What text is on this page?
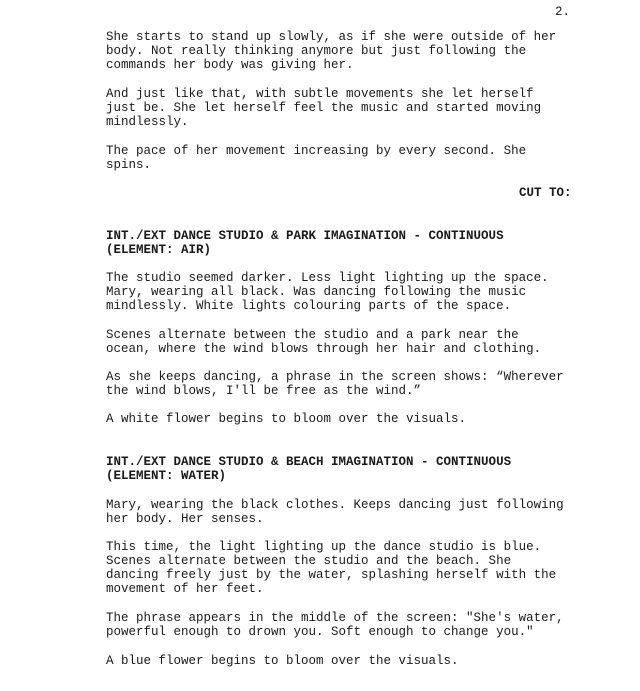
2.
She starts to stand up slowly, as if she were outside of her
body. Not really thinking anymore but just following the
commands her body was giving her.
And just like that, with subtle movements she let herself
just be. She let herself feel the music and started moving
mindlessly.
The pace of her movement increasing by every second. She
spins.
CUT TO:
INT./EXT DANCE STUDIO & PARK IMAGINATION - CONTINUOUS
(ELEMENT: AIR)
The studio seemed darker. Less light lighting up the space.
Mary, wearing all black. Was dancing following the music
mindlessly. White lights colouring parts of the space.
Scenes alternate between the studio and a park near the
ocean, where the wind blows through her hair and clothing.
As she keeps dancing, a phrase in the screen shows: “Wherever
the wind blows, I'll be free as the wind.”
A white flower begins to bloom over the visuals.
INT./EXT DANCE STUDIO & BEACH IMAGINATION - CONTINUOUS
(ELEMENT: WATER)
Mary, wearing the black clothes. Keeps dancing just following
her body. Her senses.
This time, the light lighting up the dance studio is blue.
Scenes alternate between the studio and the beach. She
dancing freely just by the water, splashing herself with the
movement of her feet.
The phrase appears in the middle of the screen: "She's water,
powerful enough to drown you. Soft enough to change you."
A blue flower begins to bloom over the visuals.
